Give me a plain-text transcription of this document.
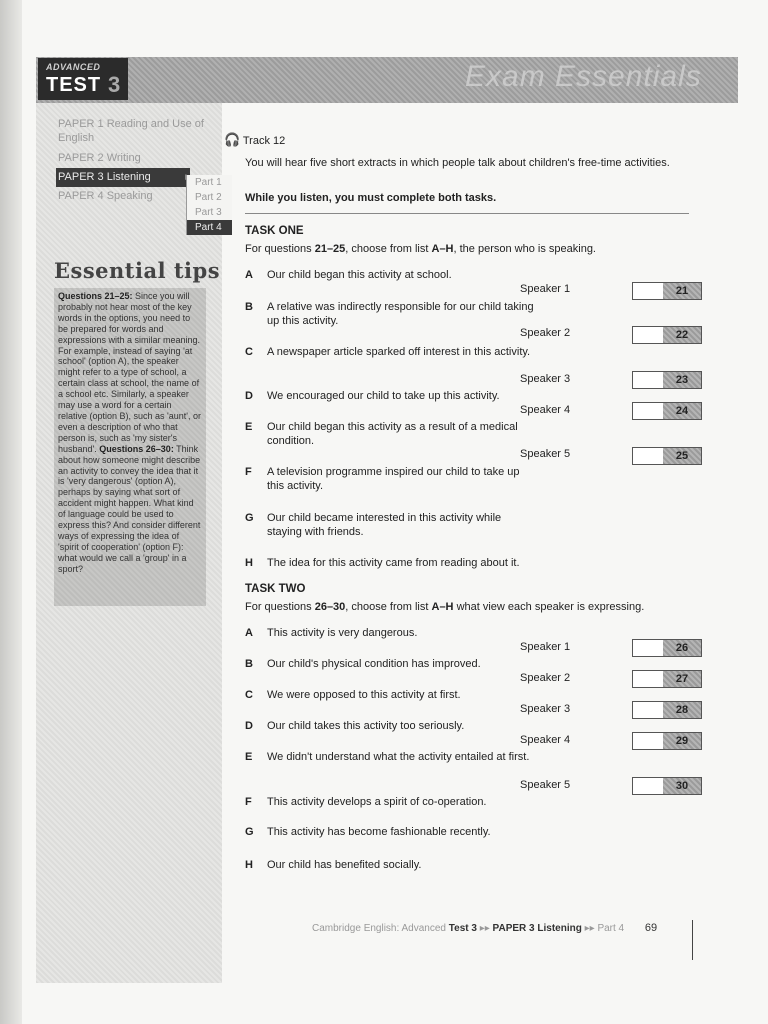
ADVANCED
TEST 3	Exam Essentials
PAPER 1 Reading and Use of English
PAPER 2 Writing
PAPER 3 Listening ▸
PAPER 4 Speaking
Part 1
Part 2
Part 3
Part 4
Essential tips
Questions 21–25: Since you will probably not hear most of the key words in the options, you need to be prepared for words and expressions with a similar meaning. For example, instead of saying 'at school' (option A), the speaker might refer to a type of school, a certain class at school, the name of a school etc. Similarly, a speaker may use a word for a certain relative (option B), such as 'aunt', or even a description of who that person is, such as 'my sister's husband'. Questions 26–30: Think about how someone might describe an activity to convey the idea that it is 'very dangerous' (option A), perhaps by saying what sort of accident might happen. What kind of language could be used to express this? And consider different ways of expressing the idea of 'spirit of cooperation' (option F): what would we call a 'group' in a sport?
🎧 Track 12
You will hear five short extracts in which people talk about children's free-time activities.
While you listen, you must complete both tasks.
TASK ONE
For questions 21–25, choose from list A–H, the person who is speaking.
A Our child began this activity at school.
B A relative was indirectly responsible for our child taking up this activity.
C A newspaper article sparked off interest in this activity.
D We encouraged our child to take up this activity.
E Our child began this activity as a result of a medical condition.
F A television programme inspired our child to take up this activity.
G Our child became interested in this activity while staying with friends.
H The idea for this activity came from reading about it.
Speaker 1
Speaker 2
Speaker 3
Speaker 4
Speaker 5
21
22
23
24
25
TASK TWO
For questions 26–30, choose from list A–H what view each speaker is expressing.
A This activity is very dangerous.
B Our child's physical condition has improved.
C We were opposed to this activity at first.
D Our child takes this activity too seriously.
E We didn't understand what the activity entailed at first.
F This activity develops a spirit of co-operation.
G This activity has become fashionable recently.
H Our child has benefited socially.
Speaker 1
Speaker 2
Speaker 3
Speaker 4
Speaker 5
26
27
28
29
30
Cambridge English: Advanced Test 3 ▸▸ PAPER 3 Listening ▸▸ Part 4 69
